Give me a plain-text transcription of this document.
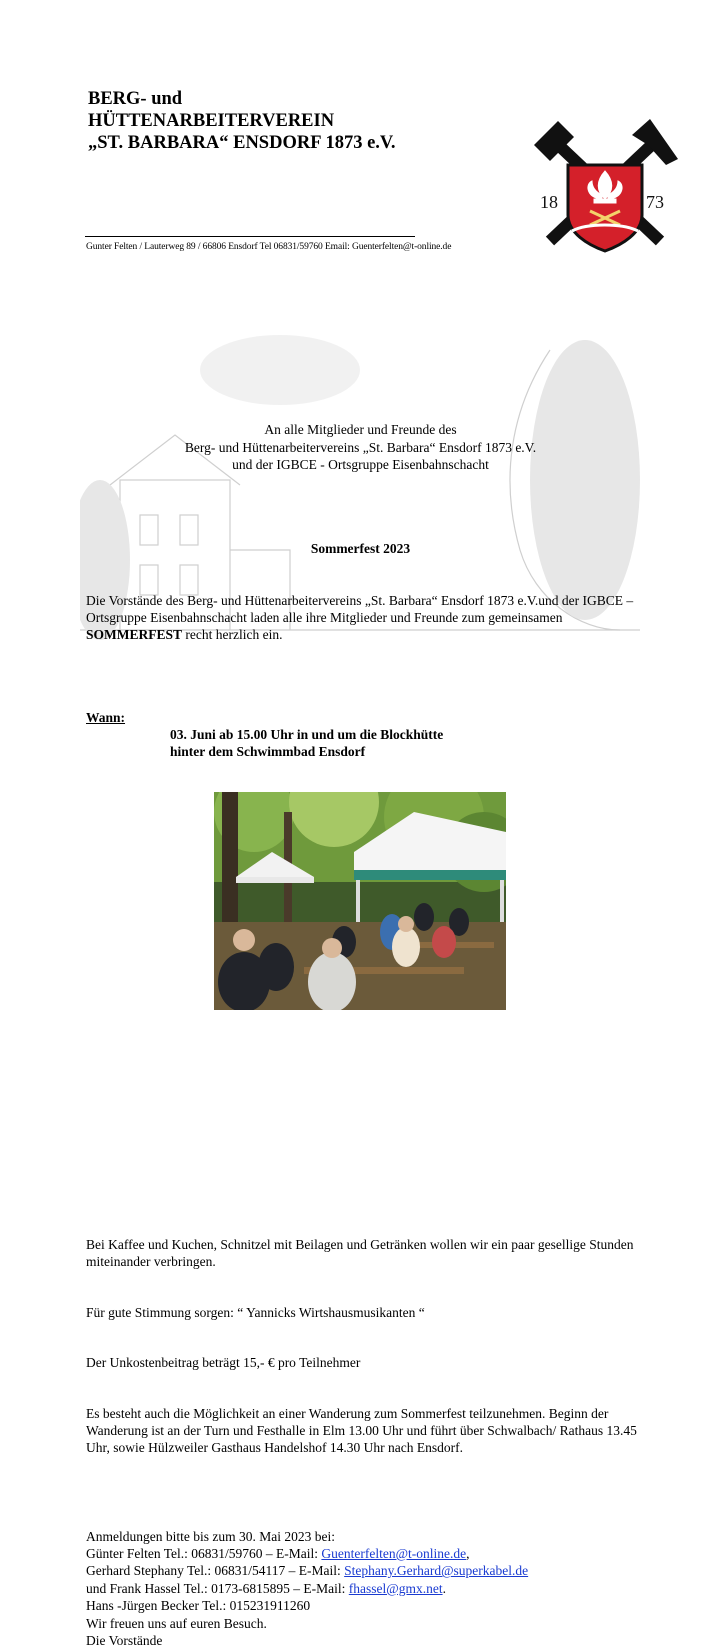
BERG- und
HÜTTENARBEITERVEREIN
„ST. BARBARA“ ENSDORF 1873 e.V.
Gunter Felten / Lauterweg 89 / 66806 Ensdorf Tel 06831/59760 Email: Guenterfelten@t-online.de
18	73
An alle Mitglieder und Freunde des
Berg- und Hüttenarbeitervereins „St. Barbara“ Ensdorf 1873 e.V.
und der IGBCE - Ortsgruppe Eisenbahnschacht
Sommerfest 2023
Die Vorstände des Berg- und Hüttenarbeitervereins „St. Barbara“ Ensdorf 1873 e.V.und der IGBCE – Ortsgruppe Eisenbahnschacht laden alle ihre Mitglieder und Freunde zum gemeinsamen SOMMERFEST recht herzlich ein.
Wann:
03. Juni ab 15.00 Uhr in und um die Blockhütte
hinter dem Schwimmbad Ensdorf
Bei Kaffee und Kuchen, Schnitzel mit Beilagen und Getränken wollen wir ein paar gesellige Stunden miteinander verbringen.
Für gute Stimmung sorgen: “ Yannicks Wirtshausmusikanten “
Der Unkostenbeitrag beträgt 15,- € pro Teilnehmer
Es besteht auch die Möglichkeit an einer Wanderung zum Sommerfest teilzunehmen. Beginn der Wanderung ist an der Turn und Festhalle in Elm 13.00 Uhr und führt über Schwalbach/ Rathaus 13.45 Uhr, sowie Hülzweiler Gasthaus Handelshof 14.30 Uhr nach Ensdorf.
Anmeldungen bitte bis zum 30. Mai 2023 bei:
Günter Felten Tel.: 06831/59760 – E-Mail: Guenterfelten@t-online.de,
Gerhard Stephany Tel.: 06831/54117 – E-Mail: Stephany.Gerhard@superkabel.de
und Frank Hassel Tel.: 0173-6815895 – E-Mail: fhassel@gmx.net.
Hans -Jürgen Becker Tel.: 015231911260
Wir freuen uns auf euren Besuch.
Die Vorstände
